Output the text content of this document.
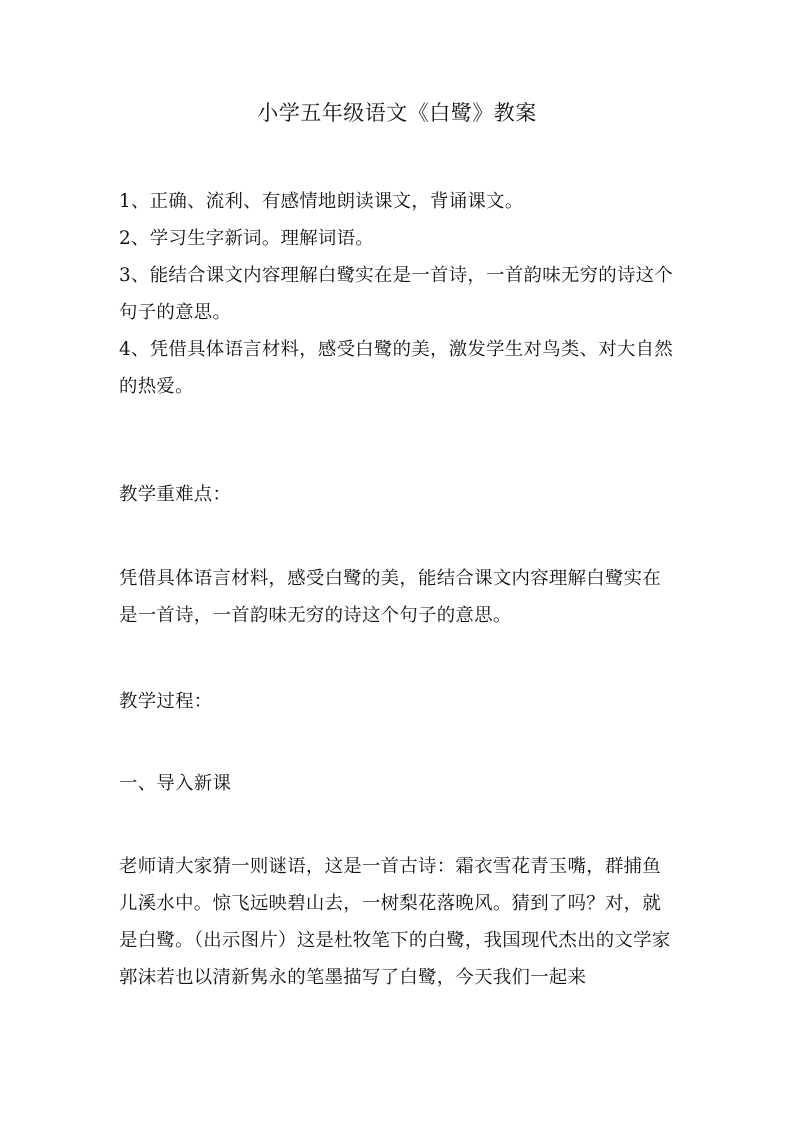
小学五年级语文《白鹭》教案

1、正确、流利、有感情地朗读课文，背诵课文。

2、学习生字新词。理解词语。

3、能结合课文内容理解白鹭实在是一首诗，一首韵味无穷的诗这个句子的意思。

4、凭借具体语言材料，感受白鹭的美，激发学生对鸟类、对大自然的热爱。

教学重难点：
凭借具体语言材料，感受白鹭的美，能结合课文内容理解白鹭实在是一首诗，一首韵味无穷的诗这个句子的意思。
教学过程：
一、导入新课
老师请大家猜一则谜语，这是一首古诗：霜衣雪花青玉嘴，群捕鱼儿溪水中。惊飞远映碧山去，一树梨花落晚风。猜到了吗？对，就是白鹭。（出示图片）这是杜牧笔下的白鹭，我国现代杰出的文学家郭沫若也以清新隽永的笔墨描写了白鹭，今天我们一起来
